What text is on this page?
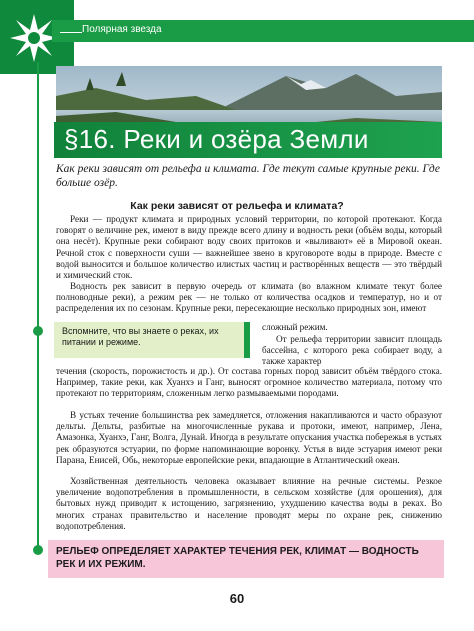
Полярная звезда
§16. Реки и озёра Земли
Как реки зависят от рельефа и климата. Где текут самые крупные реки. Где больше озёр.
Как реки зависят от рельефа и климата?
Реки — продукт климата и природных условий территории, по которой протекают. Когда говорят о величине рек, имеют в виду прежде всего длину и водность реки (объём воды, который она несёт). Крупные реки собирают воду своих притоков и «выливают» её в Мировой океан. Речной сток с поверхности суши — важнейшее звено в круговороте воды в природе. Вместе с водой выносится и большое количество илистых частиц и растворённых веществ — это твёрдый и химический сток.
Водность рек зависит в первую очередь от климата (во влажном климате текут более полноводные реки), а режим рек — не только от количества осадков и температур, но и от распределения их по сезонам. Крупные реки, пересекающие несколько природных зон, имеют
сложный режим.
От рельефа территории зависит площадь бассейна, с которого река собирает воду, а также характер
течения (скорость, порожистость и др.). От состава горных пород зависит объём твёрдого стока. Например, такие реки, как Хуанхэ и Ганг, выносят огромное количество материала, потому что протекают по территориям, сложенным легко размываемыми породами.
В устьях течение большинства рек замедляется, отложения накапливаются и часто образуют дельты. Дельты, разбитые на многочисленные рукава и протоки, имеют, например, Лена, Амазонка, Хуанхэ, Ганг, Волга, Дунай. Иногда в результате опускания участка побережья в устьях рек образуются эстуарии, по форме напоминающие воронку. Устья в виде эстуария имеют реки Парана, Енисей, Обь, некоторые европейские реки, впадающие в Атлантический океан.
Хозяйственная деятельность человека оказывает влияние на речные системы. Резкое увеличение водопотребления в промышленности, в сельском хозяйстве (для орошения), для бытовых нужд приводит к истощению, загрязнению, ухудшению качества воды в реках. Во многих странах правительство и население проводят меры по охране рек, снижению водопотребления.
Вспомните, что вы знаете о реках, их питании и режиме.
РЕЛЬЕФ ОПРЕДЕЛЯЕТ ХАРАКТЕР ТЕЧЕНИЯ РЕК, КЛИМАТ — ВОДНОСТЬ РЕК И ИХ РЕЖИМ.
60
